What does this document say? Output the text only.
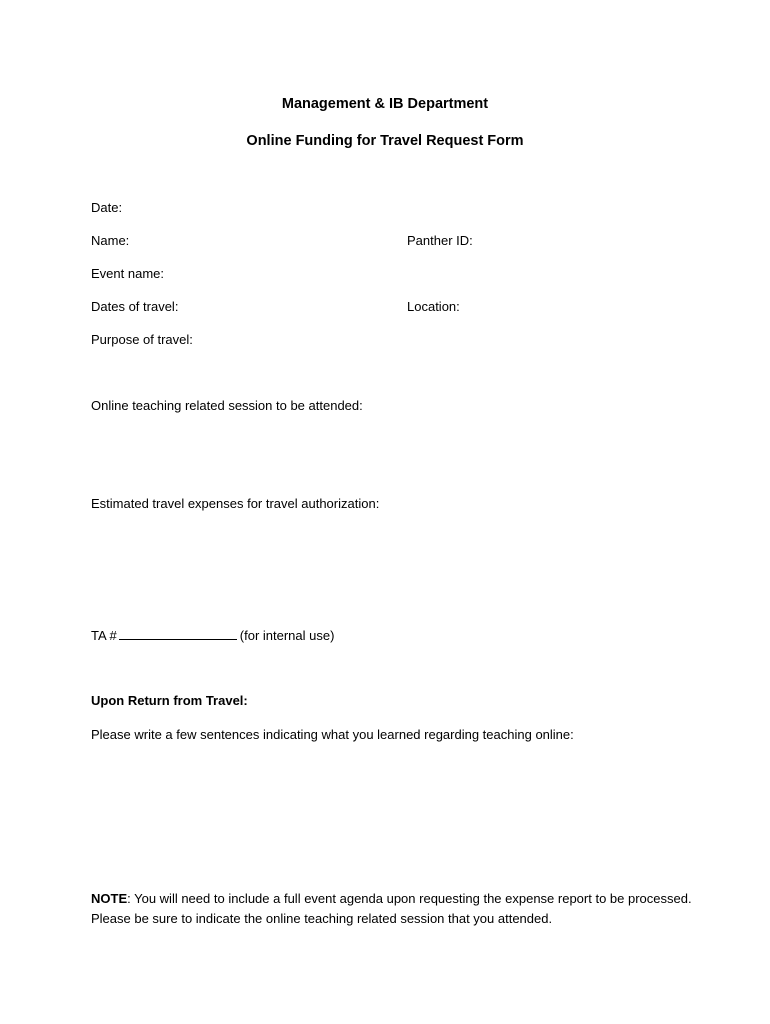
Management & IB Department
Online Funding for Travel Request Form
Date:
Name:	Panther ID:
Event name:
Dates of travel:	Location:
Purpose of travel:
Online teaching related session to be attended:
Estimated travel expenses for travel authorization:
TA #	(for internal use)
Upon Return from Travel:
Please write a few sentences indicating what you learned regarding teaching online:
NOTE: You will need to include a full event agenda upon requesting the expense report to be processed.
Please be sure to indicate the online teaching related session that you attended.
